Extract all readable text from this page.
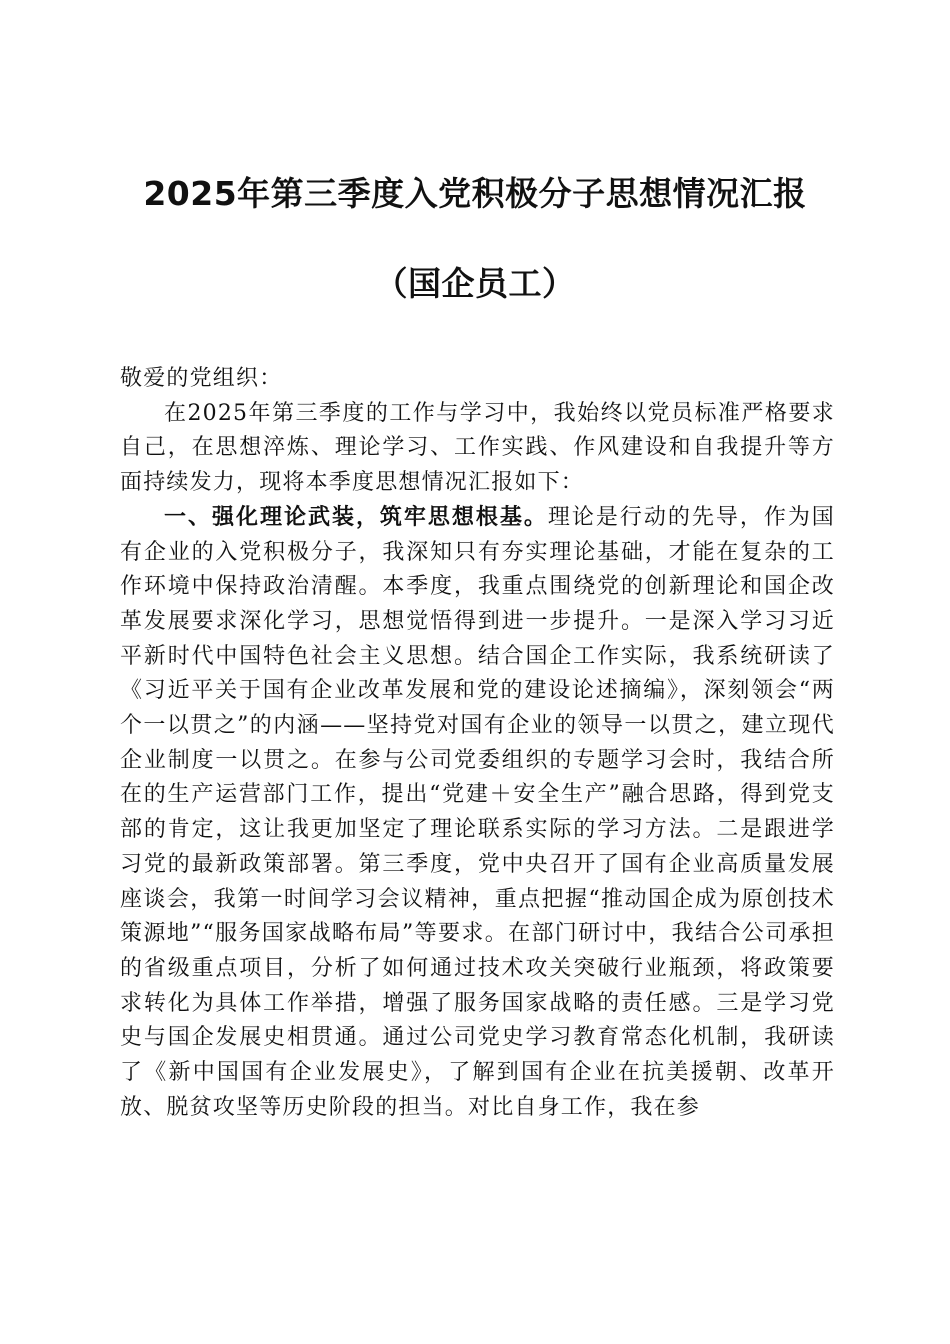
2025年第三季度入党积极分子思想情况汇报
（国企员工）

敬爱的党组织：

在2025年第三季度的工作与学习中，我始终以党员标准严格要求自己，在思想淬炼、理论学习、工作实践、作风建设和自我提升等方面持续发力，现将本季度思想情况汇报如下：

一、强化理论武装，筑牢思想根基。理论是行动的先导，作为国有企业的入党积极分子，我深知只有夯实理论基础，才能在复杂的工作环境中保持政治清醒。本季度，我重点围绕党的创新理论和国企改革发展要求深化学习，思想觉悟得到进一步提升。一是深入学习习近平新时代中国特色社会主义思想。结合国企工作实际，我系统研读了《习近平关于国有企业改革发展和党的建设论述摘编》，深刻领会“两个一以贯之”的内涵——坚持党对国有企业的领导一以贯之，建立现代企业制度一以贯之。在参与公司党委组织的专题学习会时，我结合所在的生产运营部门工作，提出“党建＋安全生产”融合思路，得到党支部的肯定，这让我更加坚定了理论联系实际的学习方法。二是跟进学习党的最新政策部署。第三季度，党中央召开了国有企业高质量发展座谈会，我第一时间学习会议精神，重点把握“推动国企成为原创技术策源地”“服务国家战略布局”等要求。在部门研讨中，我结合公司承担的省级重点项目，分析了如何通过技术攻关突破行业瓶颈，将政策要求转化为具体工作举措，增强了服务国家战略的责任感。三是学习党史与国企发展史相贯通。通过公司党史学习教育常态化机制，我研读了《新中国国有企业发展史》，了解到国有企业在抗美援朝、改革开放、脱贫攻坚等历史阶段的担当。对比自身工作，我在参
